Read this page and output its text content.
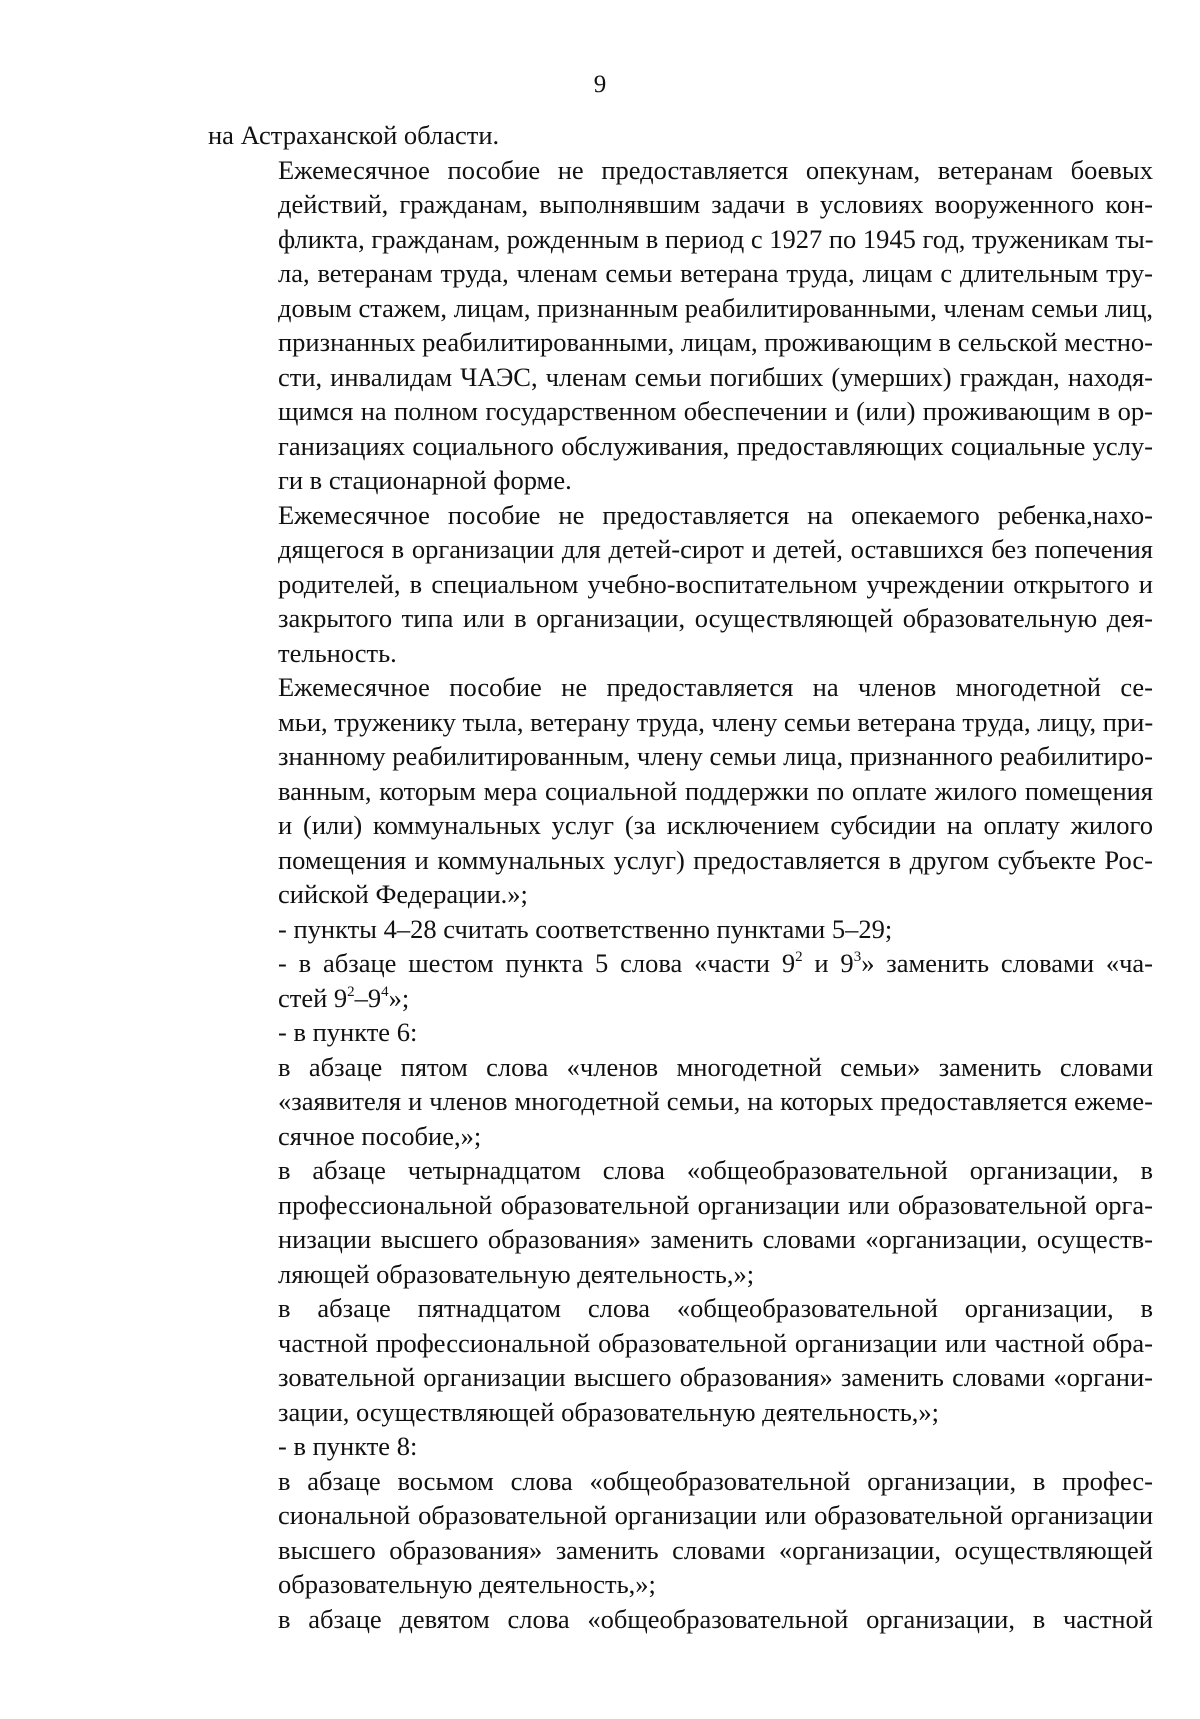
9
на Астраханской области.
Ежемесячное пособие не предоставляется опекунам, ветеранам боевых
действий, гражданам, выполнявшим задачи в условиях вооруженного кон-
фликта, гражданам, рожденным в период с 1927 по 1945 год, труженикам ты-
ла, ветеранам труда, членам семьи ветерана труда, лицам с длительным тру-
довым стажем, лицам, признанным реабилитированными, членам семьи лиц,
признанных реабилитированными, лицам, проживающим в сельской местно-
сти, инвалидам ЧАЭС, членам семьи погибших (умерших) граждан, находя-
щимся на полном государственном обеспечении и (или) проживающим в ор-
ганизациях социального обслуживания, предоставляющих социальные услу-
ги в стационарной форме.
Ежемесячное пособие не предоставляется на опекаемого ребенка,нахо-
дящегося в организации для детей-сирот и детей, оставшихся без попечения
родителей, в специальном учебно-воспитательном учреждении открытого и
закрытого типа или в организации, осуществляющей образовательную дея-
тельность.
Ежемесячное пособие не предоставляется на членов многодетной се-
мьи, труженику тыла, ветерану труда, члену семьи ветерана труда, лицу, при-
знанному реабилитированным, члену семьи лица, признанного реабилитиро-
ванным, которым мера социальной поддержки по оплате жилого помещения
и (или) коммунальных услуг (за исключением субсидии на оплату жилого
помещения и коммунальных услуг) предоставляется в другом субъекте Рос-
сийской Федерации.»;
- пункты 4–28 считать соответственно пунктами 5–29;
- в абзаце шестом пункта 5 слова «части $9^2$ и $9^3$» заменить словами «ча-
стей $9^2-9^4$»;
- в пункте 6:
в абзаце пятом слова «членов многодетной семьи» заменить словами
«заявителя и членов многодетной семьи, на которых предоставляется ежеме-
сячное пособие,»;
в абзаце четырнадцатом слова «общеобразовательной организации, в
профессиональной образовательной организации или образовательной орга-
низации высшего образования» заменить словами «организации, осуществ-
ляющей образовательную деятельность,»;
в абзаце пятнадцатом слова «общеобразовательной организации, в
частной профессиональной образовательной организации или частной обра-
зовательной организации высшего образования» заменить словами «органи-
зации, осуществляющей образовательную деятельность,»;
- в пункте 8:
в абзаце восьмом слова «общеобразовательной организации, в профес-
сиональной образовательной организации или образовательной организации
высшего образования» заменить словами «организации, осуществляющей
образовательную деятельность,»;
в абзаце девятом слова «общеобразовательной организации, в частной
